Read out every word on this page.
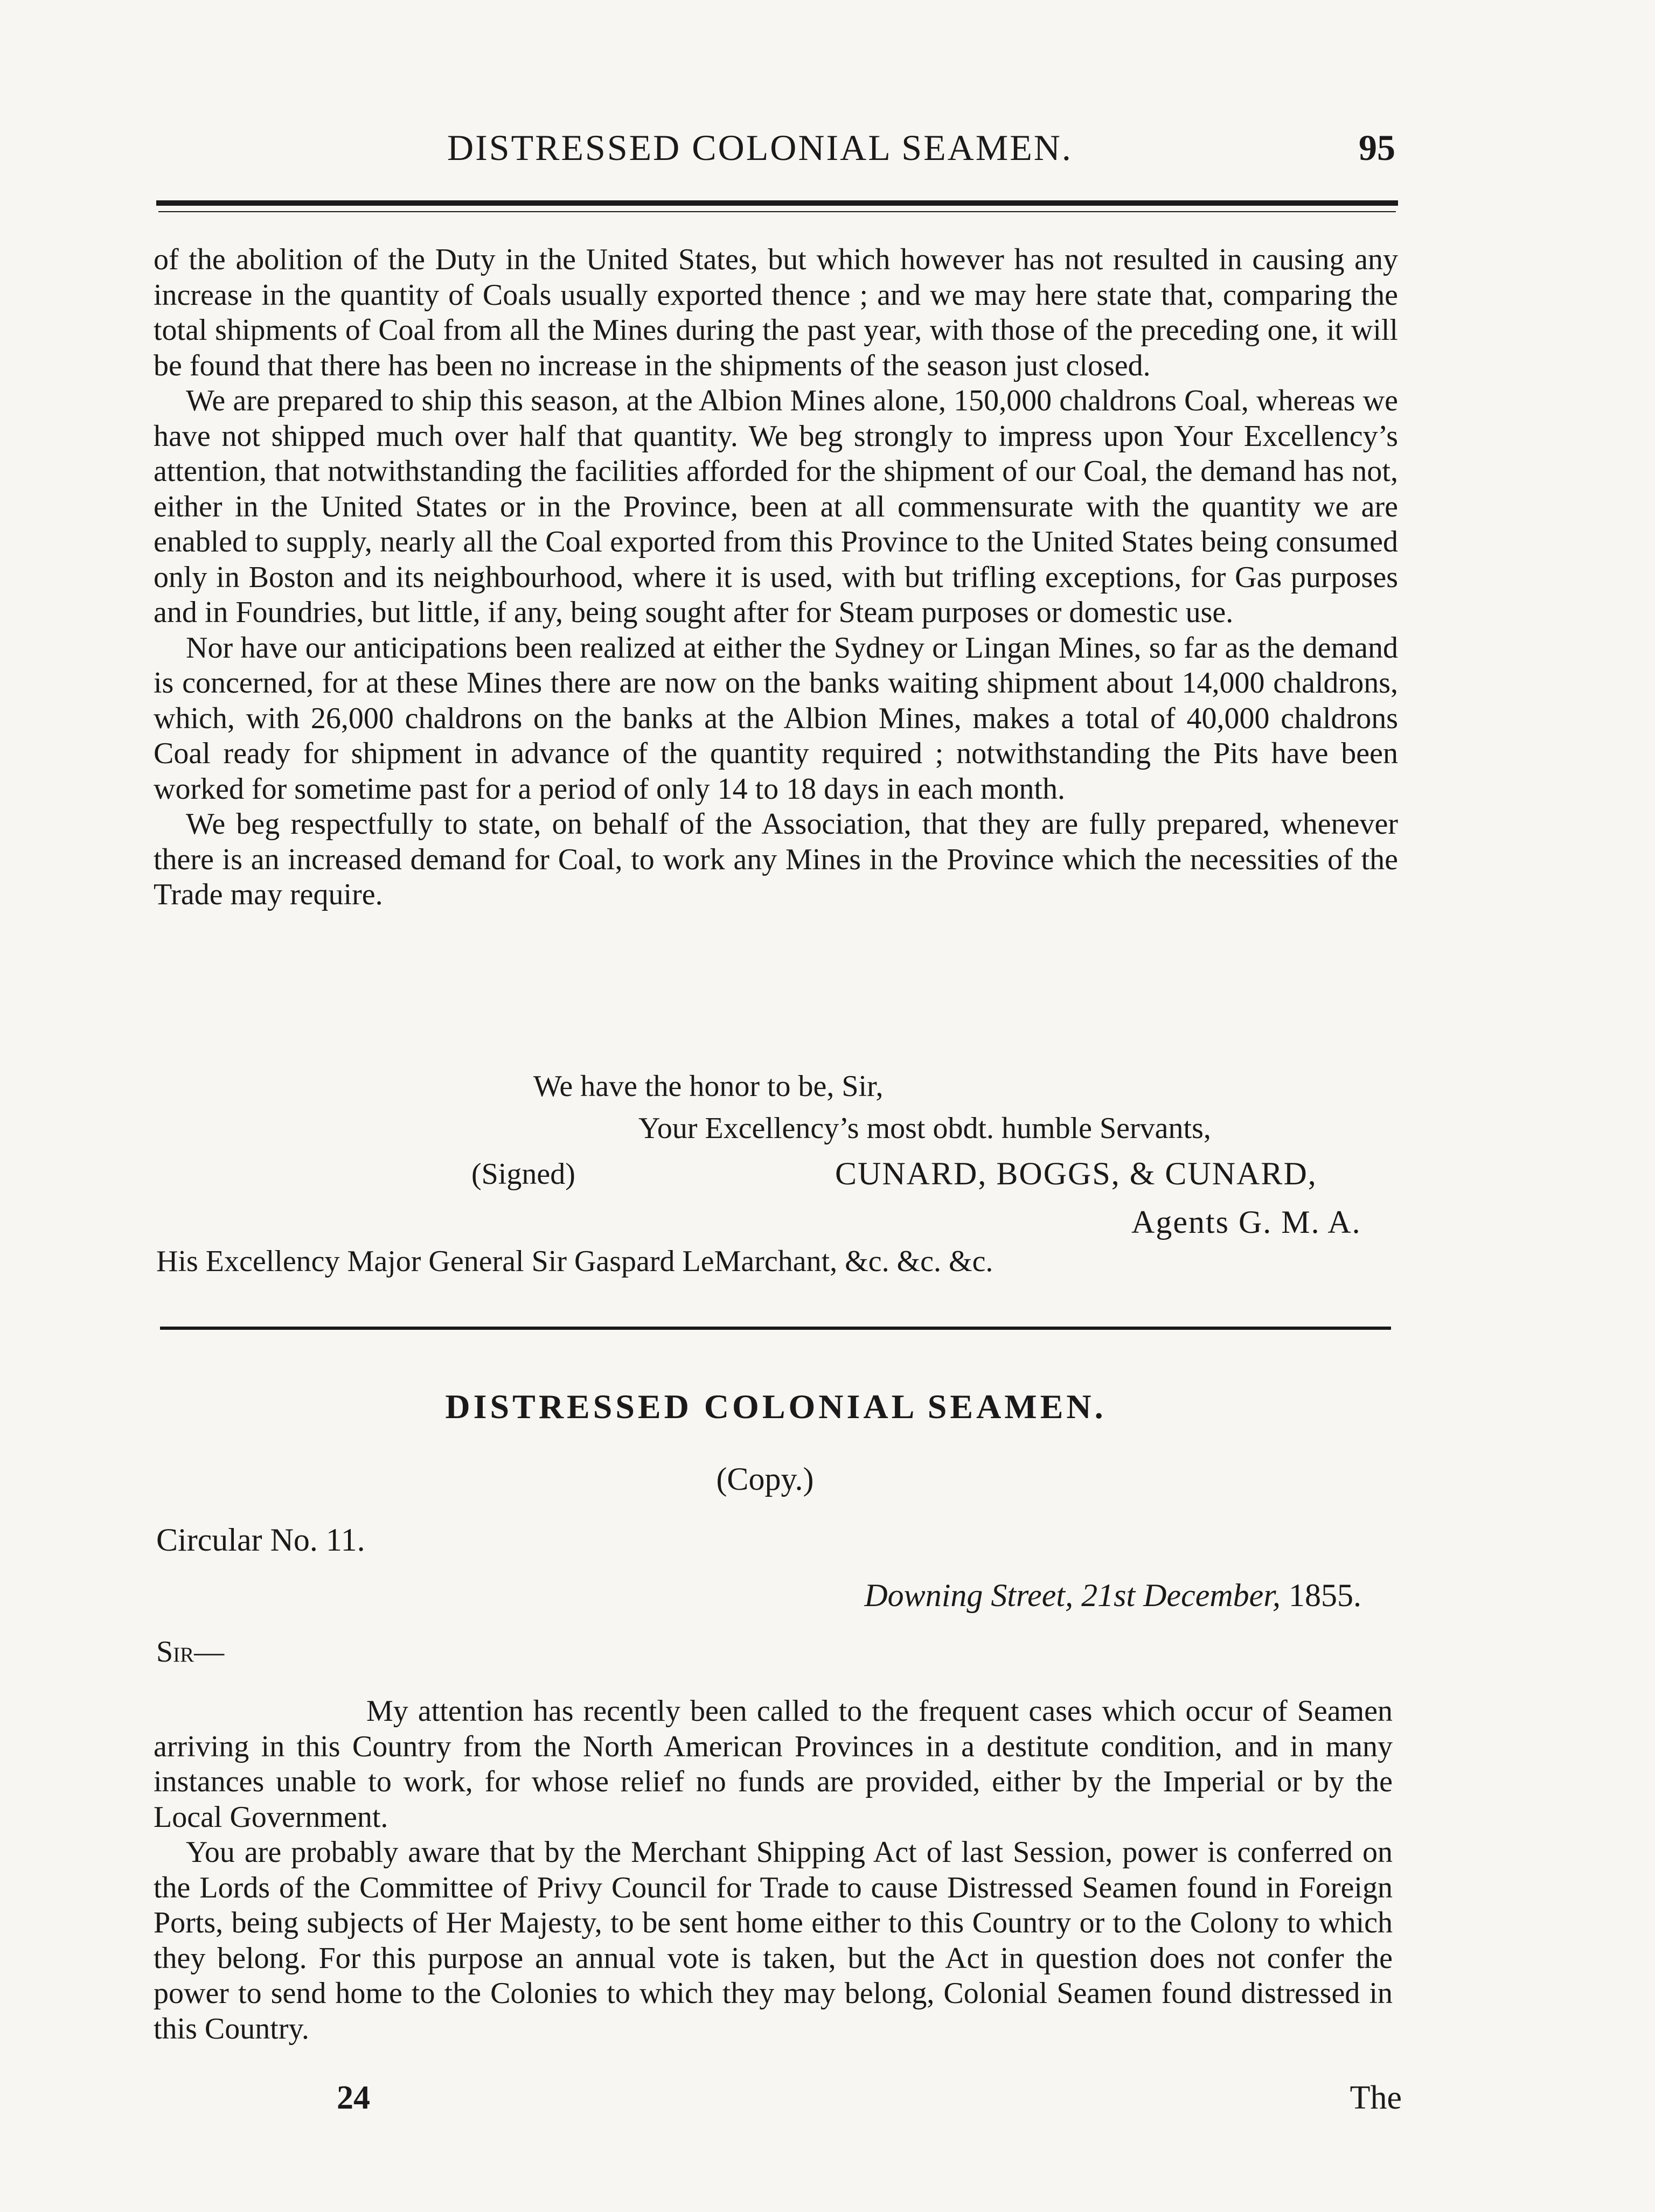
DISTRESSED COLONIAL SEAMEN.	95

of the abolition of the Duty in the United States, but which however has not resulted in causing any increase in the quantity of Coals usually exported thence ; and we may here state that, comparing the total shipments of Coal from all the Mines during the past year, with those of the preceding one, it will be found that there has been no increase in the shipments of the season just closed.

We are prepared to ship this season, at the Albion Mines alone, 150,000 chaldrons Coal, whereas we have not shipped much over half that quantity. We beg strongly to impress upon Your Excellency’s attention, that notwithstanding the facilities afforded for the shipment of our Coal, the demand has not, either in the United States or in the Province, been at all commensurate with the quantity we are enabled to supply, nearly all the Coal exported from this Province to the United States being consumed only in Boston and its neighbourhood, where it is used, with but trifling exceptions, for Gas purposes and in Foundries, but little, if any, being sought after for Steam purposes or domestic use.

Nor have our anticipations been realized at either the Sydney or Lingan Mines, so far as the demand is concerned, for at these Mines there are now on the banks waiting shipment about 14,000 chaldrons, which, with 26,000 chaldrons on the banks at the Albion Mines, makes a total of 40,000 chaldrons Coal ready for shipment in advance of the quantity required ; notwithstanding the Pits have been worked for sometime past for a period of only 14 to 18 days in each month.

We beg respectfully to state, on behalf of the Association, that they are fully prepared, whenever there is an increased demand for Coal, to work any Mines in the Province which the necessities of the Trade may require.

We have the honor to be, Sir,
Your Excellency’s most obdt. humble Servants,
(Signed)	CUNARD, BOGGS, & CUNARD,
Agents G. M. A.
His Excellency Major General Sir Gaspard LeMarchant, &c. &c. &c.
DISTRESSED COLONIAL SEAMEN.
(Copy.)
Circular No. 11.
Downing Street, 21st December, 1855.
Sir—

My attention has recently been called to the frequent cases which occur of Seamen arriving in this Country from the North American Provinces in a destitute condition, and in many instances unable to work, for whose relief no funds are provided, either by the Imperial or by the Local Government.

You are probably aware that by the Merchant Shipping Act of last Session, power is conferred on the Lords of the Committee of Privy Council for Trade to cause Distressed Seamen found in Foreign Ports, being subjects of Her Majesty, to be sent home either to this Country or to the Colony to which they belong. For this purpose an annual vote is taken, but the Act in question does not confer the power to send home to the Colonies to which they may belong, Colonial Seamen found distressed in this Country.

24	The
